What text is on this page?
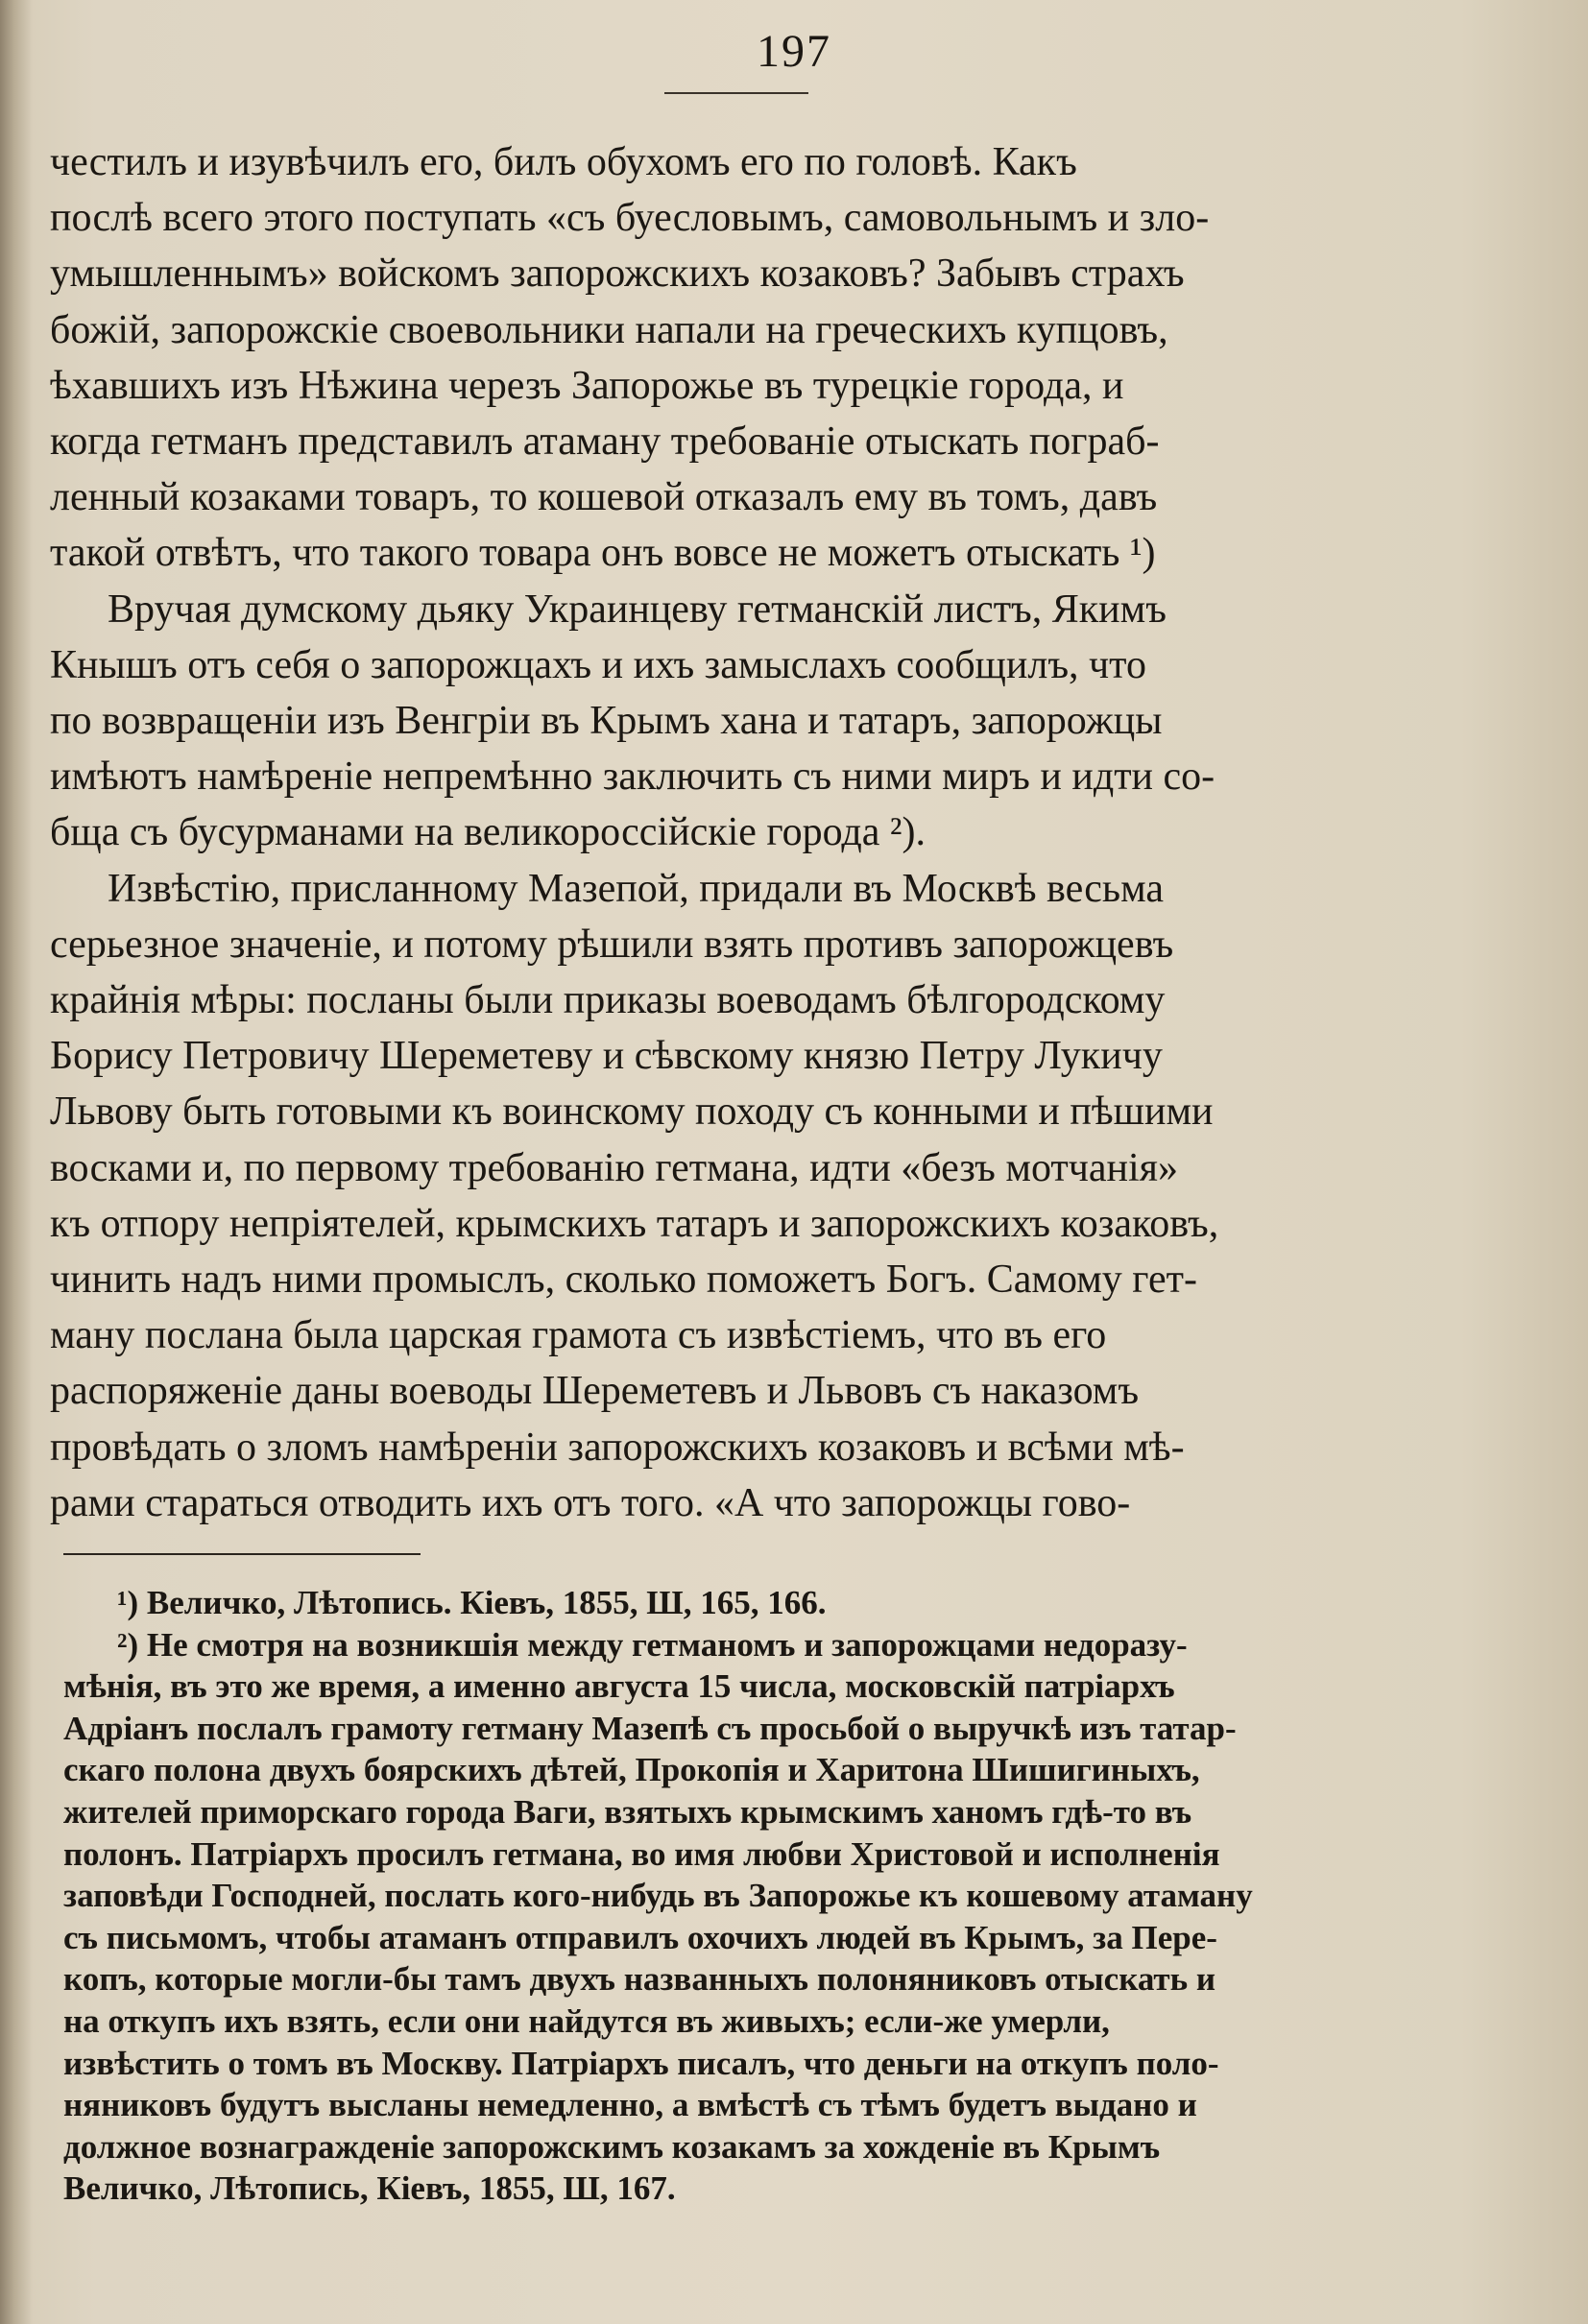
197
честилъ и изувѣчилъ его, билъ обухомъ его по головѣ. Какъ
послѣ всего этого поступать «съ буесловымъ, самовольнымъ и зло-
умышленнымъ» войскомъ запорожскихъ козаковъ? Забывъ страхъ
божій, запорожскіе своевольники напали на греческихъ купцовъ,
ѣхавшихъ изъ Нѣжина черезъ Запорожье въ турецкіе города, и
когда гетманъ представилъ атаману требованіе отыскать пограб-
ленный козаками товаръ, то кошевой отказалъ ему въ томъ, давъ
такой отвѣтъ, что такого товара онъ вовсе не можетъ отыскать ¹)
Вручая думскому дьяку Украинцеву гетманскій листъ, Якимъ
Кнышъ отъ себя о запорожцахъ и ихъ замыслахъ сообщилъ, что
по возвращеніи изъ Венгріи въ Крымъ хана и татаръ, запорожцы
имѣютъ намѣреніе непремѣнно заключить съ ними миръ и идти со-
бща съ бусурманами на великороссійскіе города ²).
Извѣстію, присланному Мазепой, придали въ Москвѣ весьма
серьезное значеніе, и потому рѣшили взять противъ запорожцевъ
крайнія мѣры: посланы были приказы воеводамъ бѣлгородскому
Борису Петровичу Шереметеву и сѣвскому князю Петру Лукичу
Львову быть готовыми къ воинскому походу съ конными и пѣшими
восками и, по первому требованію гетмана, идти «безъ мотчанія»
къ отпору непріятелей, крымскихъ татаръ и запорожскихъ козаковъ,
чинить надъ ними промыслъ, сколько поможетъ Богъ. Самому гет-
ману послана была царская грамота съ извѣстіемъ, что въ его
распоряженіе даны воеводы Шереметевъ и Львовъ съ наказомъ
провѣдать о зломъ намѣреніи запорожскихъ козаковъ и всѣми мѣ-
рами стараться отводить ихъ отъ того. «А что запорожцы гово-
¹) Величко, Лѣтопись. Кіевъ, 1855, Ш, 165, 166.
²) Не смотря на возникшія между гетманомъ и запорожцами недоразу-
мѣнія, въ это же время, а именно августа 15 числа, московскій патріархъ
Адріанъ послалъ грамоту гетману Мазепѣ съ просьбой о выручкѣ изъ татар-
скаго полона двухъ боярскихъ дѣтей, Прокопія и Харитона Шишигиныхъ,
жителей приморскаго города Ваги, взятыхъ крымскимъ ханомъ гдѣ-то въ
полонъ. Патріархъ просилъ гетмана, во имя любви Христовой и исполненія
заповѣди Господней, послать кого-нибудь въ Запорожье къ кошевому атаману
съ письмомъ, чтобы атаманъ отправилъ охочихъ людей въ Крымъ, за Пере-
копъ, которые могли-бы тамъ двухъ названныхъ полоняниковъ отыскать и
на откупъ ихъ взять, если они найдутся въ живыхъ; если-же умерли,
извѣстить о томъ въ Москву. Патріархъ писалъ, что деньги на откупъ поло-
няниковъ будутъ высланы немедленно, а вмѣстѣ съ тѣмъ будетъ выдано и
должное вознагражденіе запорожскимъ козакамъ за хожденіе въ Крымъ
Величко, Лѣтопись, Кіевъ, 1855, Ш, 167.
